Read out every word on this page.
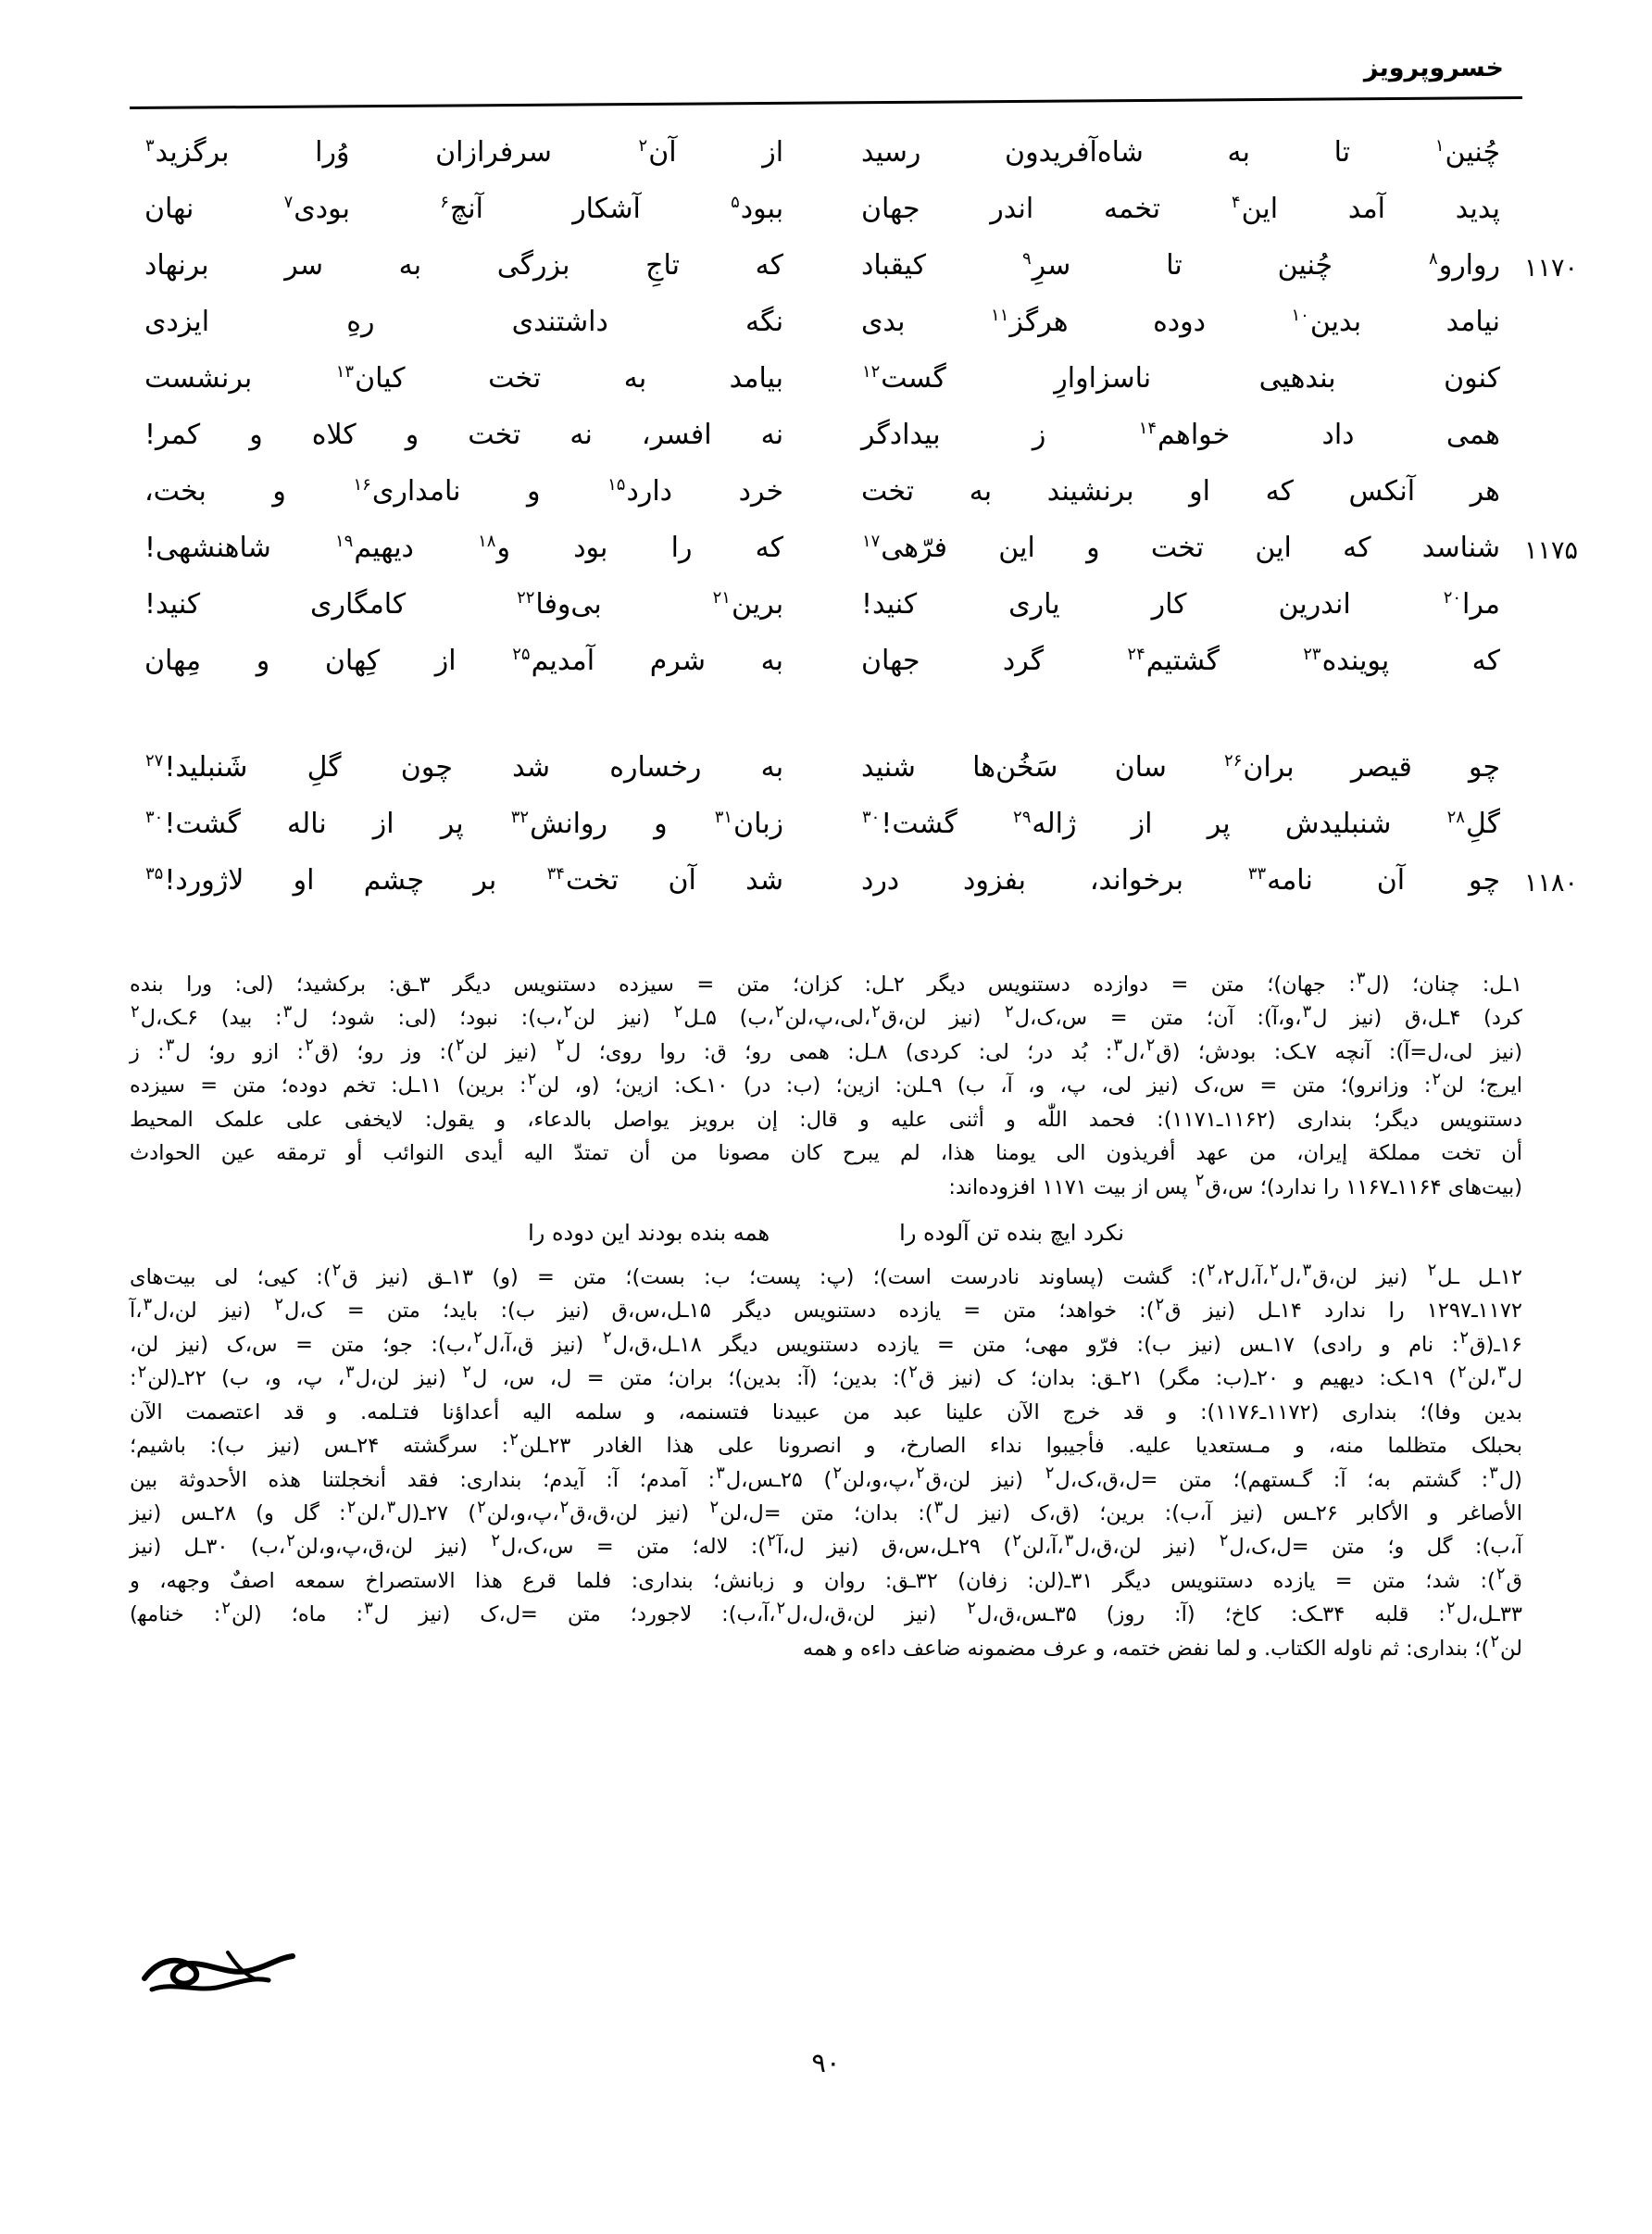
خسروپرویز
چُنین$^۱$ تا به شاه‌آفریدون رسید
از آن$^۲$ سرفرازان وُرا برگزید$^۳$
پدید آمد این$^۴$ تخمه اندر جهان
ببود$^۵$ آشکار آنچ$^۶$ بودی$^۷$ نهان
روارو$^۸$ چُنین تا سرِ$^۹$ کیقباد	۱۱۷۰
که تاجِ بزرگی به سر برنهاد
نیامد بدین$^{۱۰}$ دوده هرگز$^{۱۱}$ بدی
نگه داشتندی رهِ ایزدی
کنون بندهیی ناسزاوارِ گست$^{۱۲}$
بیامد به تخت کیان$^{۱۳}$ برنشست
همی داد خواهم$^{۱۴}$ ز بیدادگر
نه افسر، نه تخت و کلاه و کمر!
هر آنکس که او برنشیند به تخت
خرد دارد$^{۱۵}$ و نامداری$^{۱۶}$ و بخت،
شناسد که این تخت و این فرّهی$^{۱۷}$	۱۱۷۵
که را بود و$^{۱۸}$ دیهیم$^{۱۹}$ شاهنشهی!
مرا$^{۲۰}$ اندرین کار یاری کنید!
برین$^{۲۱}$ بی‌وفا$^{۲۲}$ کامگاری کنید!
که پوینده$^{۲۳}$ گشتیم$^{۲۴}$ گرد جهان
به شرم آمدیم$^{۲۵}$ از کِهان و مِهان
چو قیصر بران$^{۲۶}$ سان سَخُن‌ها شنید
به رخساره شد چون گلِ شَنبلید!$^{۲۷}$
گلِ$^{۲۸}$ شنبلیدش پر از ژاله$^{۲۹}$ گشت!$^{۳۰}$
زبان$^{۳۱}$ و روانش$^{۳۲}$ پر از ناله گشت!$^{۳۰}$
چو آن نامه$^{۳۳}$ برخواند، بفزود درد	۱۱۸۰
شد آن تخت$^{۳۴}$ بر چشم او لاژورد!$^{۳۵}$
۱ـل: چنان؛ (ل$^۳$: جهان)؛ متن = دوازده دستنویس دیگر ۲ـل: کزان؛ متن = سیزده دستنویس دیگر ۳ـق: برکشید؛ (لی: ورا بنده
کرد) ۴ـل،ق (نیز ل$^۳$،و،آ): آن؛ متن = س،ک،ل$^۲$ (نیز لن،ق$^۲$،لی،پ،لن$^۲$،ب) ۵ـل$^۲$ (نیز لن$^۲$،ب): نبود؛ (لی: شود؛ ل$^۳$: بید) ۶ـک،ل$^۲$
(نیز لی،ل=آ): آنچه ۷ـک: بودش؛ (ق$^۲$،ل$^۳$: بُد در؛ لی: کردی) ۸ـل: همی رو؛ ق: روا روی؛ ل$^۲$ (نیز لن$^۲$): وز رو؛ (ق$^۲$: ازو رو؛ ل$^۳$: ز
ایرج؛ لن$^۲$: وزانرو)؛ متن = س،ک (نیز لی، پ، و، آ، ب) ۹ـلن: ازین؛ (ب: در) ۱۰ـک: ازین؛ (و، لن$^۲$: برین) ۱۱ـل: تخم دوده؛ متن = سیزده
دستنویس دیگر؛ بنداری (۱۱۶۲ـ۱۱۷۱): فحمد اللّٰه و أثنی علیه و قال: إن برویز یواصل بالدعاء، و یقول: لایخفی علی علمک المحیط
أن تخت مملکة إیران، من عهد أفریذون الی یومنا هذا، لم یبرح کان مصونا من أن تمتدّ الیه أیدی النوائب أو ترمقه عین الحوادث
(بیت‌های ۱۱۶۴ـ۱۱۶۷ را ندارد)؛ س،ق$^۲$ پس از بیت ۱۱۷۱ افزوده‌اند:
نکرد ایچ بنده تن آلوده را
همه بنده بودند این دوده را
۱۲ـل ـل$^۲$ (نیز لن،ق$^۳$،ل$^۲$،آ،ل$^۲$،۲): گشت (پساوند نادرست است)؛ (پ: پست؛ ب: بست)؛ متن = (و) ۱۳ـق (نیز ق$^۲$): کیی؛ لی بیت‌های
۱۱۷۲ـ۱۲۹۷ را ندارد ۱۴ـل (نیز ق$^۲$): خواهد؛ متن = یازده دستنویس دیگر ۱۵ـل،س،ق (نیز ب): باید؛ متن = ک،ل$^۲$ (نیز لن،ل$^۳$،آ
۱۶ـ(ق$^۲$: نام و رادی) ۱۷ـس (نیز ب): فرّو مهی؛ متن = یازده دستنویس دیگر ۱۸ـل،ق،ل$^۲$ (نیز ق،آ،ل$^۲$،ب): جو؛ متن = س،ک (نیز لن،
ل$^۳$،لن$^۲$) ۱۹ـک: دیهیم و ۲۰ـ(ب: مگر) ۲۱ـق: بدان؛ ک (نیز ق$^۲$): بدین؛ (آ: بدین)؛ بران؛ متن = ل، س، ل$^۲$ (نیز لن،ل$^۳$، پ، و، ب) ۲۲ـ(لن$^۲$:
بدین وفا)؛ بنداری (۱۱۷۲ـ۱۱۷۶): و قد خرج الآن علینا عبد من عبیدنا فتسنمه، و سلمه الیه أعداؤنا فتـلمه. و قد اعتصمت الآن
بحبلک متظلما منه، و مـستعدیا علیه. فأجیبوا نداء الصارخ، و انصرونا علی هذا الغادر ۲۳ـلن$^۲$: سرگشته ۲۴ـس (نیز ب): باشیم؛
(ل$^۳$: گشتم به؛ آ: گـستهم)؛ متن =ل،ق،ک،ل$^۲$ (نیز لن،ق$^۲$،پ،و،لن$^۲$) ۲۵ـس،ل$^۳$: آمدم؛ آ: آیدم؛ بنداری: فقد أنخجلتنا هذه الأحدوثة بین
الأصاغر و الأکابر ۲۶ـس (نیز آ،ب): برین؛ (ق،ک (نیز ل$^۳$): بدان؛ متن =ل،لن$^۲$ (نیز لن،ق،ق$^۲$،پ،و،لن$^۲$) ۲۷ـ(ل$^۳$،لن$^۲$: گل و) ۲۸ـس (نیز
آ،ب): گل و؛ متن =ل،ک،ل$^۲$ (نیز لن،ق،ل$^۳$،آ،لن$^۲$) ۲۹ـل،س،ق (نیز ل،آ$^۲$): لاله؛ متن = س،ک،ل$^۲$ (نیز لن،ق،پ،و،لن$^۲$،ب) ۳۰ـل (نیز
ق$^۲$): شد؛ متن = یازده دستنویس دیگر ۳۱ـ(لن: زفان) ۳۲ـق: روان و زبانش؛ بنداری: فلما قرع هذا الاستصراخ سمعه اصفٌ وجهه، و
۳۳ـل،ل$^۲$: قلبه ۳۴ـک: کاخ؛ (آ: روز) ۳۵ـس،ق،ل$^۲$ (نیز لن،ق،ل،ل$^۲$،آ،ب): لاجورد؛ متن =ل،ک (نیز ل$^۳$: ماه؛ (لن$^۲$: خنامه‍)
لن$^۲$)؛ بنداری: ثم ناوله الکتاب. و لما نفض ختمه، و عرف مضمونه ضاعف داءه و همه
۹۰
